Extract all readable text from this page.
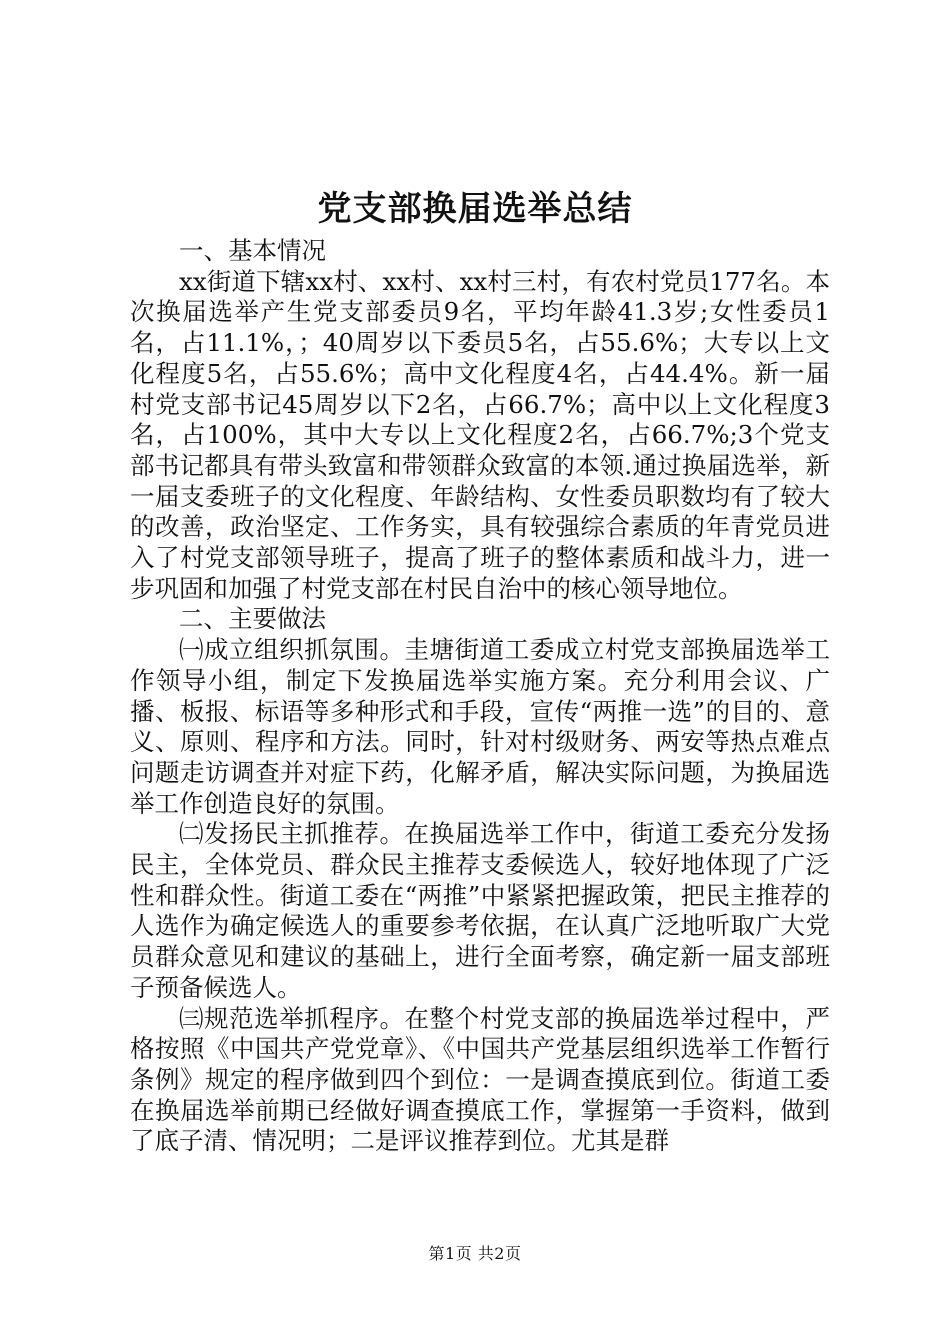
党支部换届选举总结

一、基本情况

xx街道下辖xx村、xx村、xx村三村，有农村党员177名。本次换届选举产生党支部委员9名，平均年龄41.3岁;女性委员1名，占11.1%，；40周岁以下委员5名，占55.6%；大专以上文化程度5名，占55.6%；高中文化程度4名，占44.4%。新一届村党支部书记45周岁以下2名，占66.7%；高中以上文化程度3名，占100%，其中大专以上文化程度2名，占66.7%;3个党支部书记都具有带头致富和带领群众致富的本领.通过换届选举，新一届支委班子的文化程度、年龄结构、女性委员职数均有了较大的改善，政治坚定、工作务实，具有较强综合素质的年青党员进入了村党支部领导班子，提高了班子的整体素质和战斗力，进一步巩固和加强了村党支部在村民自治中的核心领导地位。

二、主要做法

㈠成立组织抓氛围。圭塘街道工委成立村党支部换届选举工作领导小组，制定下发换届选举实施方案。充分利用会议、广播、板报、标语等多种形式和手段，宣传“两推一选”的目的、意义、原则、程序和方法。同时，针对村级财务、两安等热点难点问题走访调查并对症下药，化解矛盾，解决实际问题，为换届选举工作创造良好的氛围。

㈡发扬民主抓推荐。在换届选举工作中，街道工委充分发扬民主，全体党员、群众民主推荐支委候选人，较好地体现了广泛性和群众性。街道工委在“两推”中紧紧把握政策，把民主推荐的人选作为确定候选人的重要参考依据，在认真广泛地听取广大党员群众意见和建议的基础上，进行全面考察，确定新一届支部班子预备候选人。

㈢规范选举抓程序。在整个村党支部的换届选举过程中，严格按照《中国共产党党章》、《中国共产党基层组织选举工作暂行条例》规定的程序做到四个到位：一是调查摸底到位。街道工委在换届选举前期已经做好调查摸底工作，掌握第一手资料，做到了底子清、情况明；二是评议推荐到位。尤其是群

第1页 共2页
